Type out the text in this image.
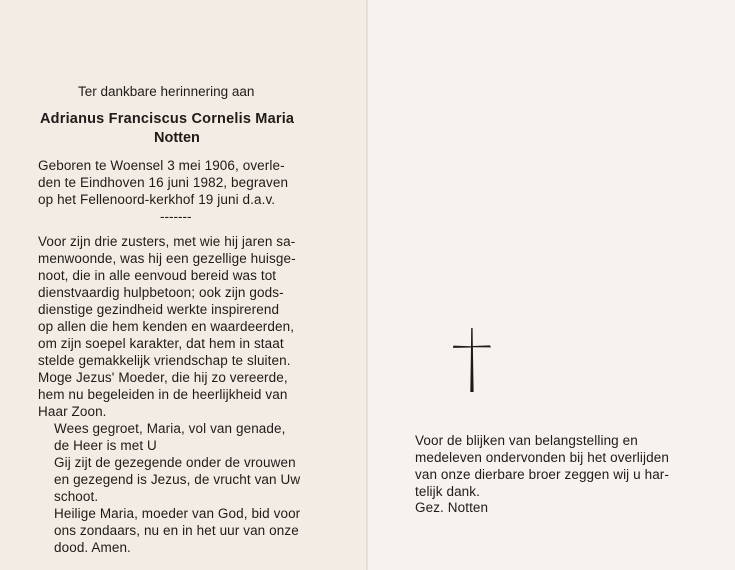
Ter dankbare herinnering aan
Adrianus Franciscus Cornelis Maria
Notten
Geboren te Woensel 3 mei 1906, overle-
den te Eindhoven 16 juni 1982, begraven
op het Fellenoord-kerkhof 19 juni d.a.v.
-------
Voor zijn drie zusters, met wie hij jaren sa-
menwoonde, was hij een gezellige huisge-
noot, die in alle eenvoud bereid was tot
dienstvaardig hulpbetoon; ook zijn gods-
dienstige gezindheid werkte inspirerend
op allen die hem kenden en waardeerden,
om zijn soepel karakter, dat hem in staat
stelde gemakkelijk vriendschap te sluiten.
Moge Jezus' Moeder, die hij zo vereerde,
hem nu begeleiden in de heerlijkheid van
Haar Zoon.
Wees gegroet, Maria, vol van genade,
de Heer is met U
Gij zijt de gezegende onder de vrouwen
en gezegend is Jezus, de vrucht van Uw
schoot.
Heilige Maria, moeder van God, bid voor
ons zondaars, nu en in het uur van onze
dood. Amen.
Voor de blijken van belangstelling en
medeleven ondervonden bij het overlijden
van onze dierbare broer zeggen wij u har-
telijk dank.
Gez. Notten
